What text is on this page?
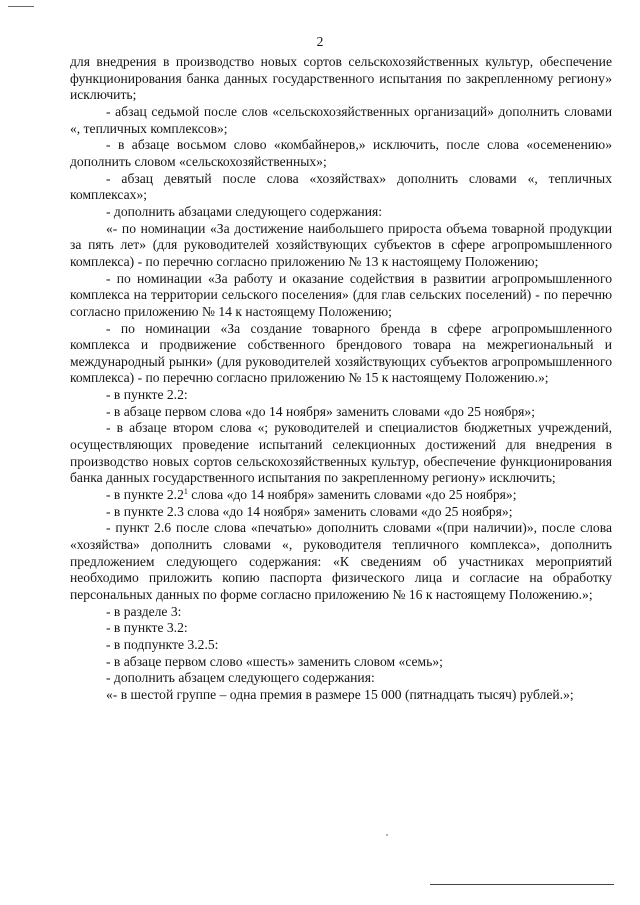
2

для внедрения в производство новых сортов сельскохозяйственных культур, обеспечение функционирования банка данных государственного испытания по закрепленному региону» исключить;

- абзац седьмой после слов «сельскохозяйственных организаций» дополнить словами «, тепличных комплексов»;

- в абзаце восьмом слово «комбайнеров,» исключить, после слова «осеменению» дополнить словом «сельскохозяйственных»;

- абзац девятый после слова «хозяйствах» дополнить словами «, тепличных комплексах»;

- дополнить абзацами следующего содержания:

«- по номинации «За достижение наибольшего прироста объема товарной продукции за пять лет» (для руководителей хозяйствующих субъектов в сфере агропромышленного комплекса) - по перечню согласно приложению № 13 к настоящему Положению;

- по номинации «За работу и оказание содействия в развитии агропромышленного комплекса на территории сельского поселения» (для глав сельских поселений) - по перечню согласно приложению № 14 к настоящему Положению;

- по номинации «За создание товарного бренда в сфере агропромышленного комплекса и продвижение собственного брендового товара на межрегиональный и международный рынки» (для руководителей хозяйствующих субъектов агропромышленного комплекса) - по перечню согласно приложению № 15 к настоящему Положению.»;

- в пункте 2.2:

- в абзаце первом слова «до 14 ноября» заменить словами «до 25 ноября»;

- в абзаце втором слова «; руководителей и специалистов бюджетных учреждений, осуществляющих проведение испытаний селекционных достижений для внедрения в производство новых сортов сельскохозяйственных культур, обеспечение функционирования банка данных государственного испытания по закрепленному региону» исключить;

- в пункте $2.2^1$ слова «до 14 ноября» заменить словами «до 25 ноября»;

- в пункте 2.3 слова «до 14 ноября» заменить словами «до 25 ноября»;

- пункт 2.6 после слова «печатью» дополнить словами «(при наличии)», после слова «хозяйства» дополнить словами «, руководителя тепличного комплекса», дополнить предложением следующего содержания: «К сведениям об участниках мероприятий необходимо приложить копию паспорта физического лица и согласие на обработку персональных данных по форме согласно приложению № 16 к настоящему Положению.»;

- в разделе 3:

- в пункте 3.2:

- в подпункте 3.2.5:

- в абзаце первом слово «шесть» заменить словом «семь»;

- дополнить абзацем следующего содержания:

«- в шестой группе – одна премия в размере 15 000 (пятнадцать тысяч) рублей.»;
